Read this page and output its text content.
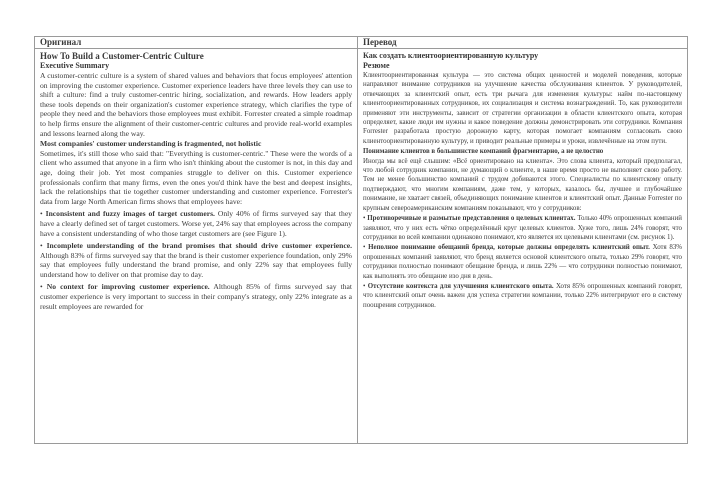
Оригинал
How To Build a Customer-Centric Culture
Executive Summary

A customer-centric culture is a system of shared values and behaviors that focus employees' attention on improving the customer experience. Customer experience leaders have three levels they can use to shift a culture: find a truly customer-centric hiring, socialization, and rewards. How leaders apply these tools depends on their organization's customer experience strategy, which clarifies the type of people they need and the behaviors those employees must exhibit. Forrester created a simple roadmap to help firms ensure the alignment of their customer-centric cultures and provide real-world examples and lessons learned along the way.

Most companies' customer understanding is fragmented, not holistic

Sometimes, it's still those who said that: "Everything is customer-centric." These were the words of a client who assumed that anyone in a firm who isn't thinking about the customer is not, in this day and age, doing their job. Yet most companies struggle to deliver on this. Customer experience professionals confirm that many firms, even the ones you'd think have the best and deepest insights, lack the relationships that tie together customer understanding and customer experience. Forrester's data from large North American firms shows that employees have:

• Inconsistent and fuzzy images of target customers. Only 40% of firms surveyed say that they have a clearly defined set of target customers. Worse yet, 24% say that employees across the company have a consistent understanding of who those target customers are (see Figure 1).

• Incomplete understanding of the brand promises that should drive customer experience. Although 83% of firms surveyed say that the brand is their customer experience foundation, only 29% say that employees fully understand the brand promise, and only 22% say that employees fully understand how to deliver on that promise day to day.

• No context for improving customer experience. Although 85% of firms surveyed say that customer experience is very important to success in their company's strategy, only 22% integrate as a result employees are rewarded for

Перевод
Как создать клиентоориентированную культуру
Резюме

Клиентоориентированная культура — это система общих ценностей и моделей поведения, которые направляют внимание сотрудников на улучшение качества обслуживания клиентов. У руководителей, отвечающих за клиентский опыт, есть три рычага для изменения культуры: найм по-настоящему клиентоориентированных сотрудников, их социализация и система вознаграждений. То, как руководители применяют эти инструменты, зависит от стратегии организации в области клиентского опыта, которая определяет, какие люди им нужны и какое поведение должны демонстрировать эти сотрудники. Компания Forrester разработала простую дорожную карту, которая помогает компаниям согласовать свою клиентоориентированную культуру, и приводит реальные примеры и уроки, извлечённые на этом пути.

Понимание клиентов в большинстве компаний фрагментарно, а не целостно

Иногда мы всё ещё слышим: «Всё ориентировано на клиента». Это слова клиента, который предполагал, что любой сотрудник компании, не думающий о клиенте, в наше время просто не выполняет свою работу. Тем не менее большинство компаний с трудом добиваются этого. Специалисты по клиентскому опыту подтверждают, что многим компаниям, даже тем, у которых, казалось бы, лучшее и глубочайшее понимание, не хватает связей, объединяющих понимание клиентов и клиентский опыт. Данные Forrester по крупным североамериканским компаниям показывают, что у сотрудников:

• Противоречивые и размытые представления о целевых клиентах. Только 40% опрошенных компаний заявляют, что у них есть чётко определённый круг целевых клиентов. Хуже того, лишь 24% говорят, что сотрудники во всей компании одинаково понимают, кто является их целевыми клиентами (см. рисунок 1).

• Неполное понимание обещаний бренда, которые должны определять клиентский опыт. Хотя 83% опрошенных компаний заявляют, что бренд является основой клиентского опыта, только 29% говорят, что сотрудники полностью понимают обещание бренда, и лишь 22% — что сотрудники полностью понимают, как выполнять это обещание изо дня в день.

• Отсутствие контекста для улучшения клиентского опыта. Хотя 85% опрошенных компаний говорят, что клиентский опыт очень важен для успеха стратегии компании, только 22% интегрируют его в систему поощрения сотрудников.
